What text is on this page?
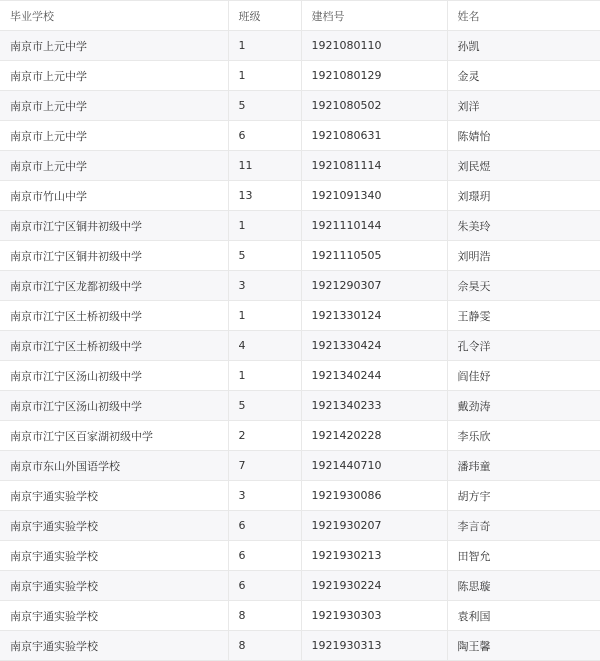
毕业学校	班级	建档号	姓名
南京市上元中学	1	1921080110	孙凯
南京市上元中学	1	1921080129	金灵
南京市上元中学	5	1921080502	刘洋
南京市上元中学	6	1921080631	陈婧怡
南京市上元中学	11	1921081114	刘民煜
南京市竹山中学	13	1921091340	刘璟玥
南京市江宁区铜井初级中学	1	1921110144	朱美玲
南京市江宁区铜井初级中学	5	1921110505	刘明浩
南京市江宁区龙都初级中学	3	1921290307	佘昊天
南京市江宁区土桥初级中学	1	1921330124	王静雯
南京市江宁区土桥初级中学	4	1921330424	孔令洋
南京市江宁区汤山初级中学	1	1921340244	阎佳妤
南京市江宁区汤山初级中学	5	1921340233	戴劲涛
南京市江宁区百家湖初级中学	2	1921420228	李乐欣
南京市东山外国语学校	7	1921440710	潘玮童
南京宇通实验学校	3	1921930086	胡方宇
南京宇通实验学校	6	1921930207	李言奇
南京宇通实验学校	6	1921930213	田智允
南京宇通实验学校	6	1921930224	陈思璇
南京宇通实验学校	8	1921930303	袁利国
南京宇通实验学校	8	1921930313	陶王馨
